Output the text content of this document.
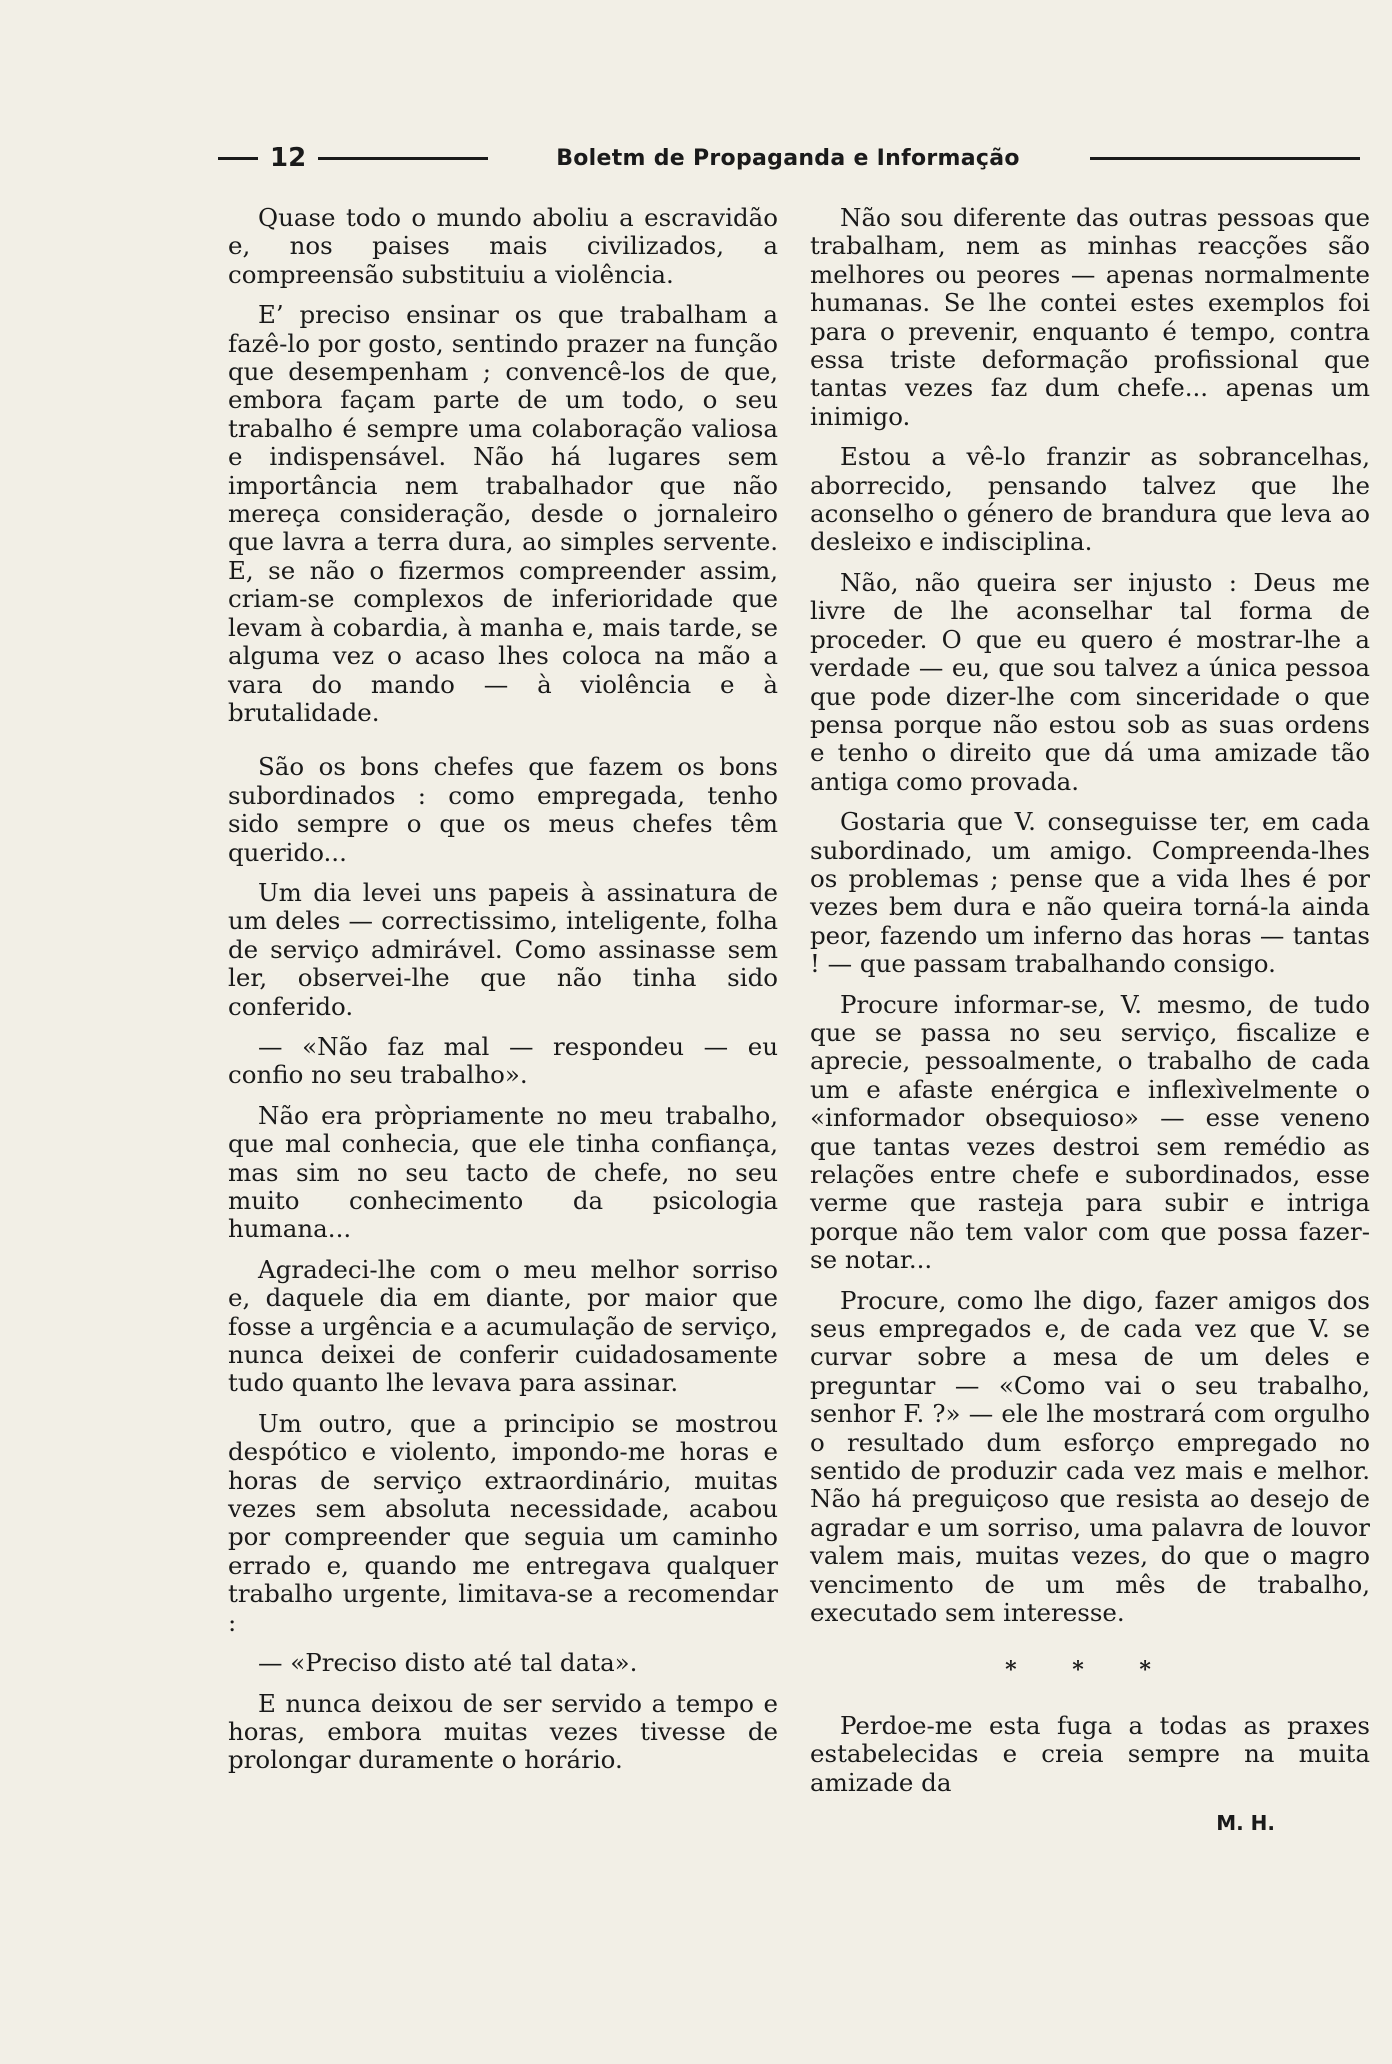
12	Boletm de Propaganda e Informação

Quase todo o mundo aboliu a escravidão e, nos paises mais civilizados, a compreensão substituiu a violência.

E’ preciso ensinar os que trabalham a fazê-lo por gosto, sentindo prazer na função que desempenham ; convencê-los de que, embora façam parte de um todo, o seu trabalho é sempre uma colaboração valiosa e indispensável. Não há lugares sem importância nem trabalhador que não mereça consideração, desde o jornaleiro que lavra a terra dura, ao simples servente. E, se não o fizermos compreender assim, criam-se complexos de inferioridade que levam à cobardia, à manha e, mais tarde, se alguma vez o acaso lhes coloca na mão a vara do mando — à violência e à brutalidade.

São os bons chefes que fazem os bons subordinados : como empregada, tenho sido sempre o que os meus chefes têm querido...

Um dia levei uns papeis à assinatura de um deles — correctissimo, inteligente, folha de serviço admirável. Como assinasse sem ler, observei-lhe que não tinha sido conferido.

— «Não faz mal — respondeu — eu confio no seu trabalho».

Não era pròpriamente no meu trabalho, que mal conhecia, que ele tinha confiança, mas sim no seu tacto de chefe, no seu muito conhecimento da psicologia humana...

Agradeci-lhe com o meu melhor sorriso e, daquele dia em diante, por maior que fosse a urgência e a acumulação de serviço, nunca deixei de conferir cuidadosamente tudo quanto lhe levava para assinar.

Um outro, que a principio se mostrou despótico e violento, impondo-me horas e horas de serviço extraordinário, muitas vezes sem absoluta necessidade, acabou por compreender que seguia um caminho errado e, quando me entregava qualquer trabalho urgente, limitava-se a recomendar :

— «Preciso disto até tal data».

E nunca deixou de ser servido a tempo e horas, embora muitas vezes tivesse de prolongar duramente o horário.

Não sou diferente das outras pessoas que trabalham, nem as minhas reacções são melhores ou peores — apenas normalmente humanas. Se lhe contei estes exemplos foi para o prevenir, enquanto é tempo, contra essa triste deformação profissional que tantas vezes faz dum chefe... apenas um inimigo.

Estou a vê-lo franzir as sobrancelhas, aborrecido, pensando talvez que lhe aconselho o género de brandura que leva ao desleixo e indisciplina.

Não, não queira ser injusto : Deus me livre de lhe aconselhar tal forma de proceder. O que eu quero é mostrar-lhe a verdade — eu, que sou talvez a única pessoa que pode dizer-lhe com sinceridade o que pensa porque não estou sob as suas ordens e tenho o direito que dá uma amizade tão antiga como provada.

Gostaria que V. conseguisse ter, em cada subordinado, um amigo. Compreenda-lhes os problemas ; pense que a vida lhes é por vezes bem dura e não queira torná-la ainda peor, fazendo um inferno das horas — tantas ! — que passam trabalhando consigo.

Procure informar-se, V. mesmo, de tudo que se passa no seu serviço, fiscalize e aprecie, pessoalmente, o trabalho de cada um e afaste enérgica e inflexìvelmente o «informador obsequioso» — esse veneno que tantas vezes destroi sem remédio as relações entre chefe e subordinados, esse verme que rasteja para subir e intriga porque não tem valor com que possa fazer-se notar...

Procure, como lhe digo, fazer amigos dos seus empregados e, de cada vez que V. se curvar sobre a mesa de um deles e preguntar — «Como vai o seu trabalho, senhor F. ?» — ele lhe mostrará com orgulho o resultado dum esforço empregado no sentido de produzir cada vez mais e melhor. Não há preguiçoso que resista ao desejo de agradar e um sorriso, uma palavra de louvor valem mais, muitas vezes, do que o magro vencimento de um mês de trabalho, executado sem interesse.

* * *

Perdoe-me esta fuga a todas as praxes estabelecidas e creia sempre na muita amizade da

M. H.
